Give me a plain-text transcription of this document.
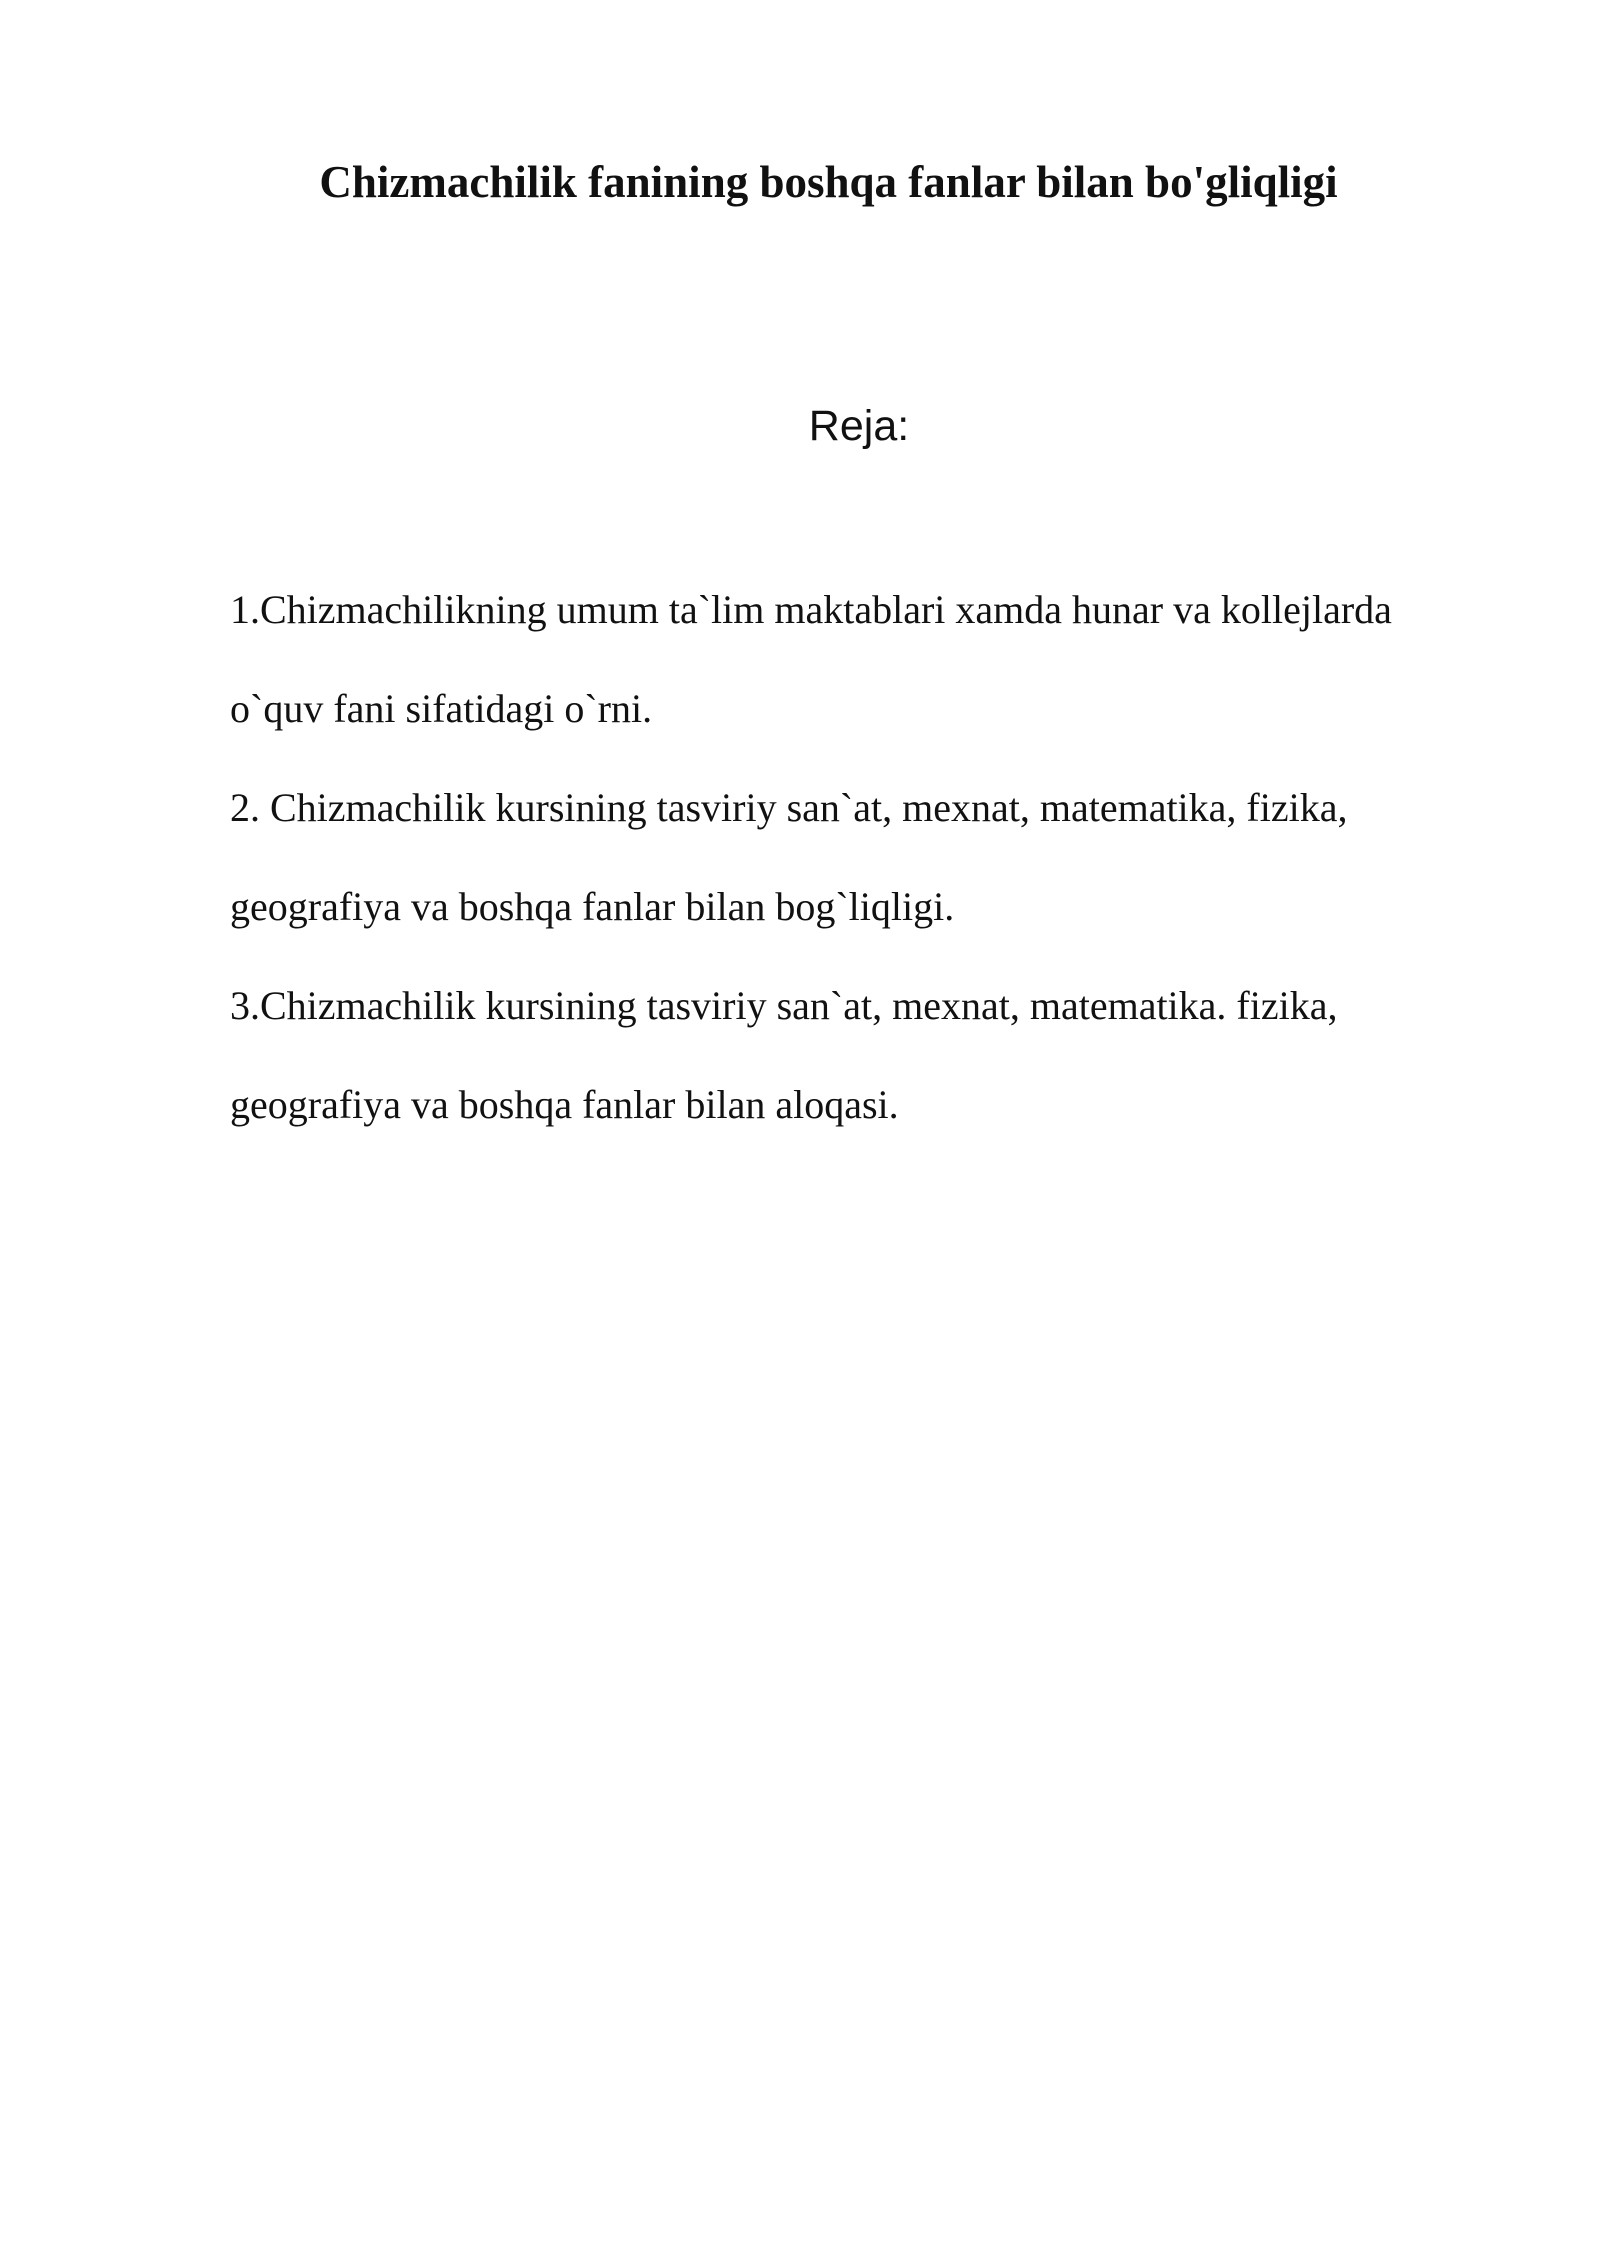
Chizmachilik fanining boshqa fanlar bilan bo'gliqligi
Reja:
1.Chizmachilikning umum ta`lim maktablari xamda hunar va kollejlarda
o`quv fani sifatidagi o`rni.
2. Chizmachilik kursining tasviriy san`at, mexnat, matematika, fizika,
geografiya va boshqa fanlar bilan bog`liqligi.
3.Chizmachilik kursining tasviriy san`at, mexnat, matematika. fizika,
geografiya va boshqa fanlar bilan aloqasi.
